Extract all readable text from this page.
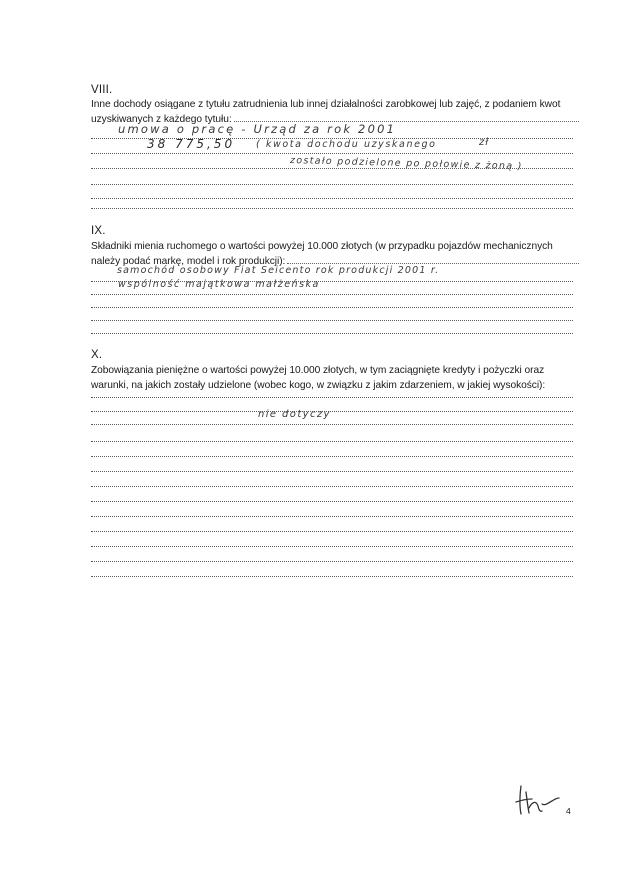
VIII.
Inne dochody osiągane z tytułu zatrudnienia lub innej działalności zarobkowej lub zajęć, z podaniem kwot
uzyskiwanych z każdego tytułu:
umowa o pracę - Urząd za rok 2001
38 775,50 ( kwota dochodu uzyskanego	zł
zostało podzielone po połowie z żoną )
IX.
Składniki mienia ruchomego o wartości powyżej 10.000 złotych (w przypadku pojazdów mechanicznych
należy podać markę, model i rok produkcji):
samochód osobowy Fiat Seicento rok produkcji 2001 r.
wspólność majątkowa małżeńska
X.
Zobowiązania pieniężne o wartości powyżej 10.000 złotych, w tym zaciągnięte kredyty i pożyczki oraz
warunki, na jakich zostały udzielone (wobec kogo, w związku z jakim zdarzeniem, w jakiej wysokości):
nie dotyczy
4
